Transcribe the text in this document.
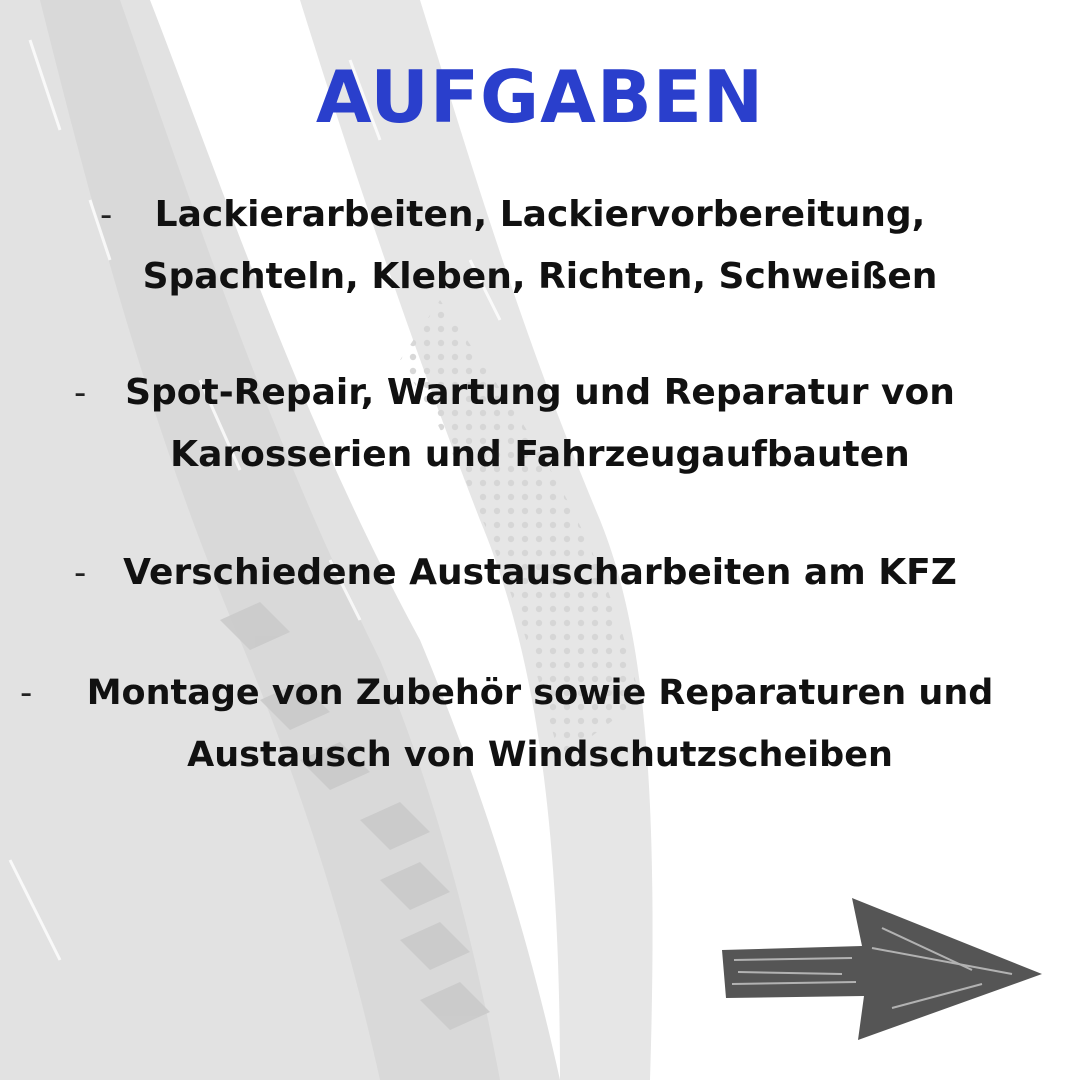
AUFGABEN
-	Lackierarbeiten, Lackiervorbereitung,
Spachteln, Kleben, Richten, Schweißen
-	Spot-Repair, Wartung und Reparatur von
Karosserien und Fahrzeugaufbauten
-	Verschiedene Austauscharbeiten am KFZ
-	Montage von Zubehör sowie Reparaturen und
Austausch von Windschutzscheiben
